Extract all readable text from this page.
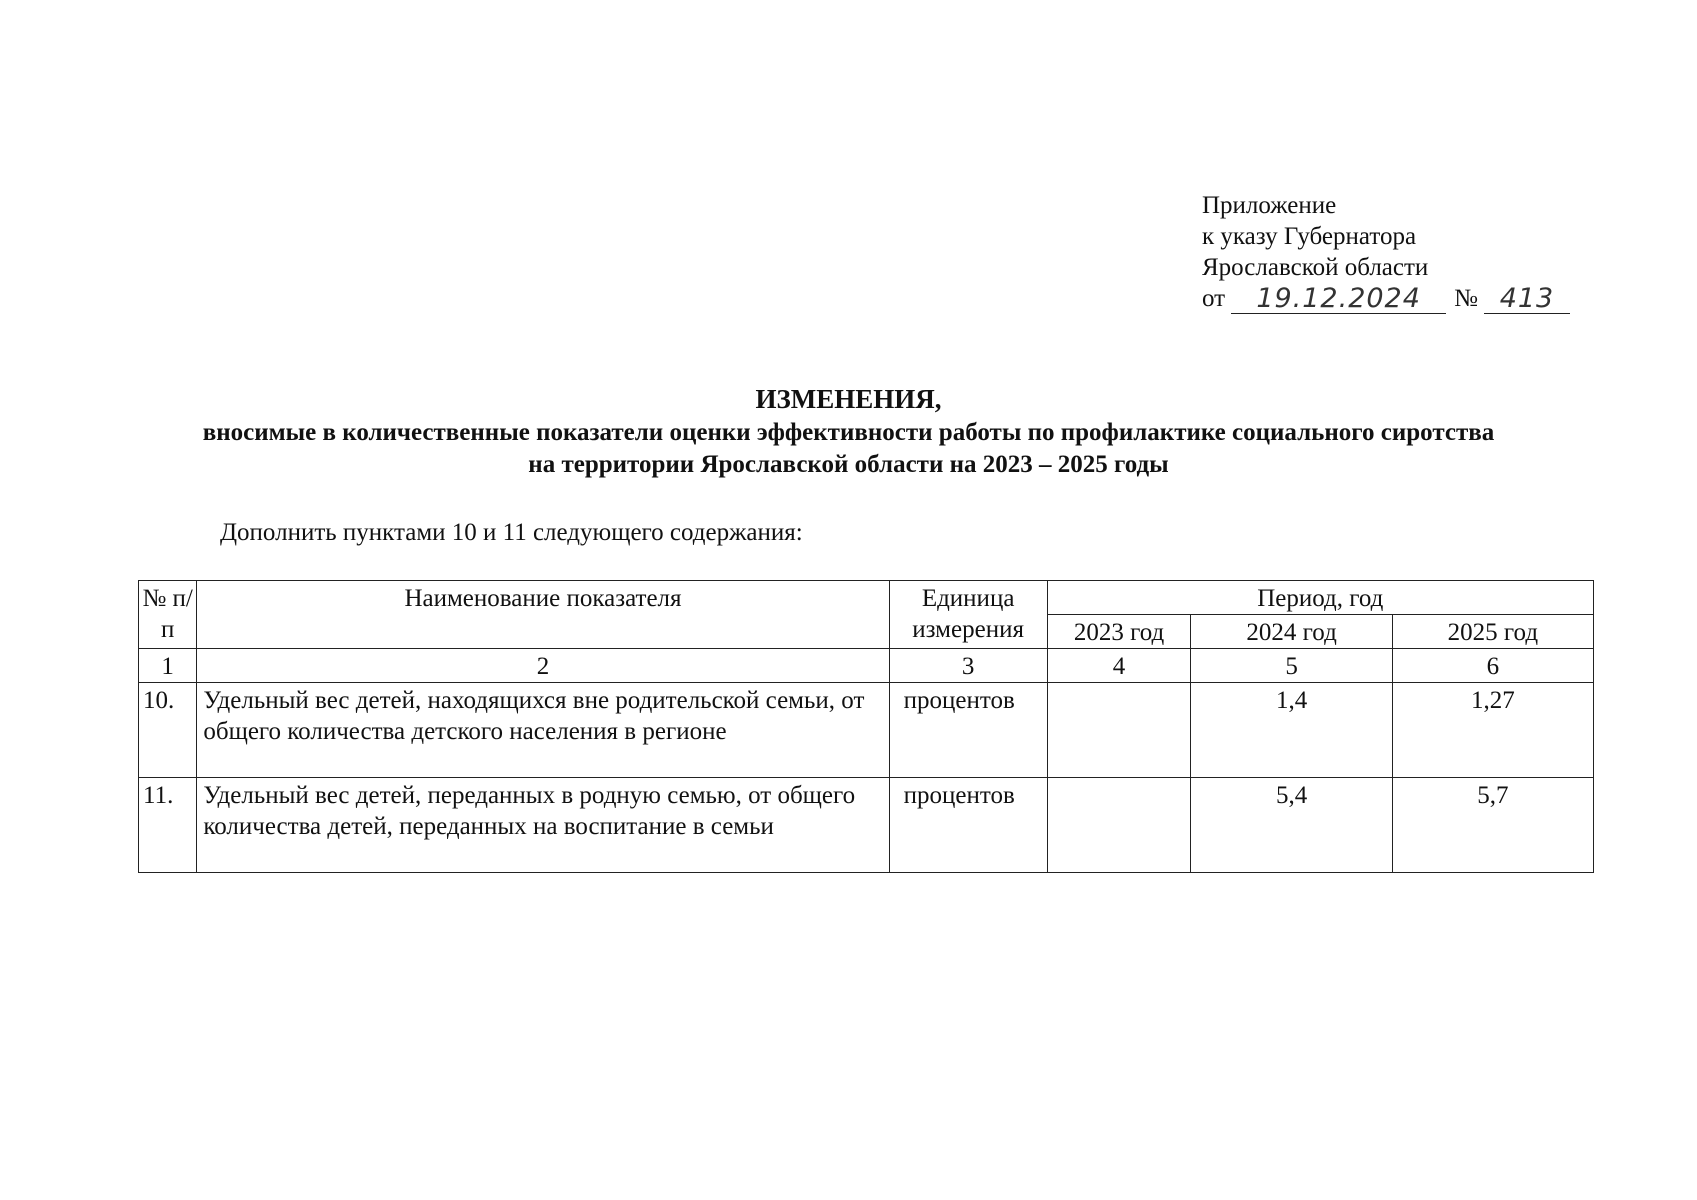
Приложение
к указу Губернатора
Ярославской области
от	19.12.2024	№ 413
ИЗМЕНЕНИЯ,
вносимые в количественные показатели оценки эффективности работы по профилактике социального сиротства
на территории Ярославской области на 2023 – 2025 годы
Дополнить пунктами 10 и 11 следующего содержания:
№ п/п	Наименование показателя	Единица измерения	Период, год		
			2023 год	2024 год	2025 год
1	2	3	4	5	6
10.	Удельный вес детей, находящихся вне родительской семьи, от общего количества детского населения в регионе	процентов		1,4	1,27
11.	Удельный вес детей, переданных в родную семью, от общего количества детей, переданных на воспитание в семьи	процентов		5,4	5,7
